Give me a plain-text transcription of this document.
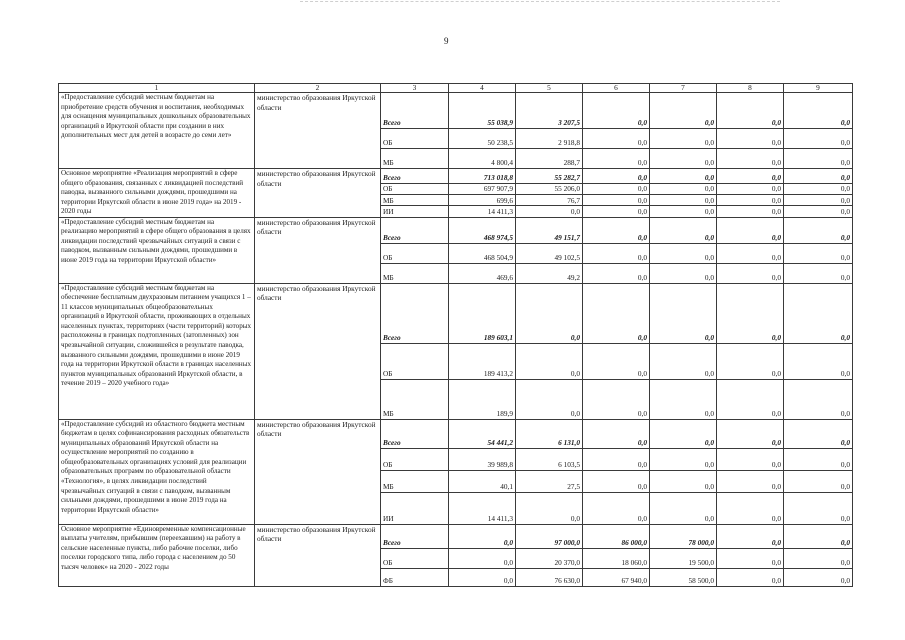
9
1	2	3	4	5	6	7	8	9
«Предоставление субсидий местным бюджетам на приобретение средств обучения и воспитания, необходимых для оснащения муниципальных дошкольных образовательных организаций в Иркутской области при создании в них дополнительных мест для детей в возрасте до семи лет»	министерство образования Иркутской области	Всего	55 038,9	3 207,5	0,0	0,0	0,0	0,0
		ОБ	50 238,5	2 918,8	0,0	0,0	0,0	0,0
		МБ	4 800,4	288,7	0,0	0,0	0,0	0,0
Основное мероприятие «Реализация мероприятий в сфере общего образования, связанных с ликвидацией последствий паводка, вызванного сильными дождями, прошедшими на территории Иркутской области в июне 2019 года» на 2019 - 2020 годы	министерство образования Иркутской области	Всего	713 018,8	55 282,7	0,0	0,0	0,0	0,0
		ОБ	697 907,9	55 206,0	0,0	0,0	0,0	0,0
		МБ	699,6	76,7	0,0	0,0	0,0	0,0
		ИИ	14 411,3	0,0	0,0	0,0	0,0	0,0
«Предоставление субсидий местным бюджетам на реализацию мероприятий в сфере общего образования в целях ликвидации последствий чрезвычайных ситуаций в связи с паводком, вызванным сильными дождями, прошедшими в июне 2019 года на территории Иркутской области»	министерство образования Иркутской области	Всего	468 974,5	49 151,7	0,0	0,0	0,0	0,0
		ОБ	468 504,9	49 102,5	0,0	0,0	0,0	0,0
		МБ	469,6	49,2	0,0	0,0	0,0	0,0
«Предоставление субсидий местным бюджетам на обеспечение бесплатным двухразовым питанием учащихся 1 – 11 классов муниципальных общеобразовательных организаций в Иркутской области, проживающих в отдельных населенных пунктах, территориях (части территорий) которых расположены в границах подтопленных (затопленных) зон чрезвычайной ситуации, сложившейся в результате паводка, вызванного сильными дождями, прошедшими в июне 2019 года на территории Иркутской области в границах населенных пунктов муниципальных образований Иркутской области, в течение 2019 – 2020 учебного года»	министерство образования Иркутской области	Всего	189 603,1	0,0	0,0	0,0	0,0	0,0
		ОБ	189 413,2	0,0	0,0	0,0	0,0	0,0
		МБ	189,9	0,0	0,0	0,0	0,0	0,0
«Предоставление субсидий из областного бюджета местным бюджетам в целях софинансирования расходных обязательств муниципальных образований Иркутской области на осуществление мероприятий по созданию в общеобразовательных организациях условий для реализации образовательных программ по образовательной области «Технология», в целях ликвидации последствий чрезвычайных ситуаций в связи с паводком, вызванным сильными дождями, прошедшими в июне 2019 года на территории Иркутской области»	министерство образования Иркутской области	Всего	54 441,2	6 131,0	0,0	0,0	0,0	0,0
		ОБ	39 989,8	6 103,5	0,0	0,0	0,0	0,0
		МБ	40,1	27,5	0,0	0,0	0,0	0,0
		ИИ	14 411,3	0,0	0,0	0,0	0,0	0,0
Основное мероприятие «Единовременные компенсационные выплаты учителям, прибывшим (переехавшим) на работу в сельские населенные пункты, либо рабочие поселки, либо поселки городского типа, либо города с населением до 50 тысяч человек» на 2020 - 2022 годы	министерство образования Иркутской области	Всего	0,0	97 000,0	86 000,0	78 000,0	0,0	0,0
		ОБ	0,0	20 370,0	18 060,0	19 500,0	0,0	0,0
		ФБ	0,0	76 630,0	67 940,0	58 500,0	0,0	0,0
